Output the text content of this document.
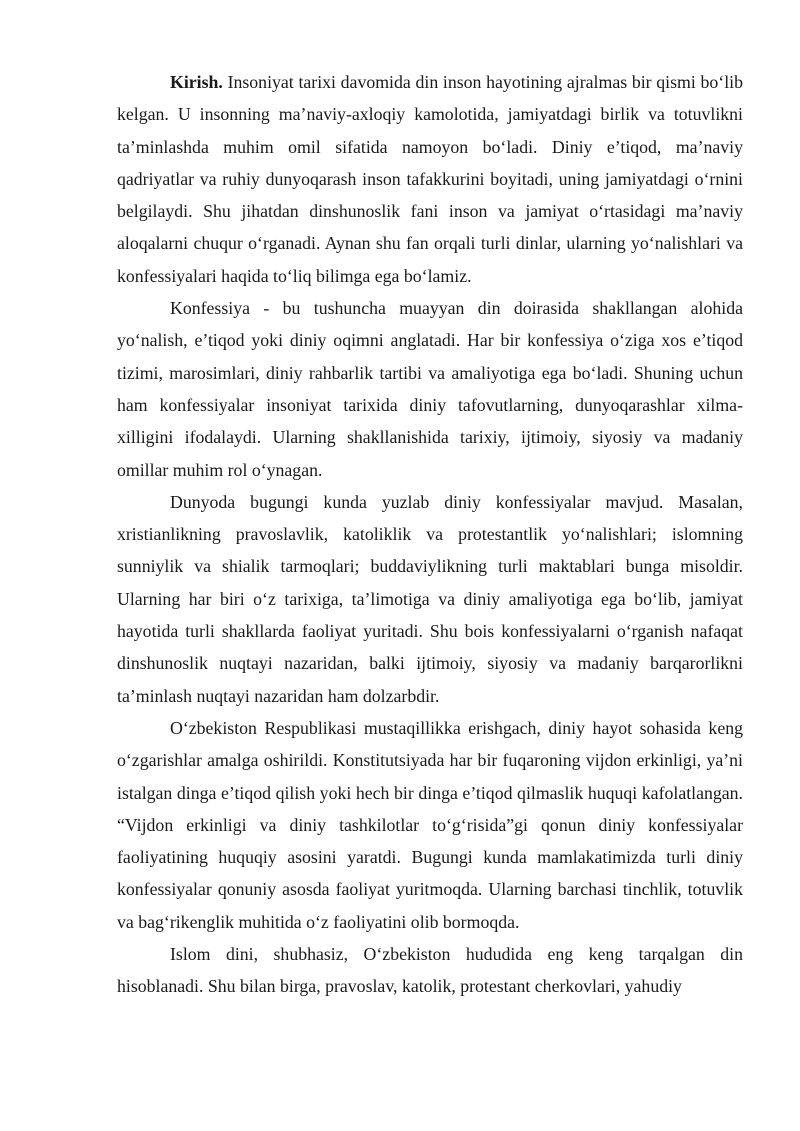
Kirish. Insoniyat tarixi davomida din inson hayotining ajralmas bir qismi bo‘lib kelgan. U insonning ma’naviy-axloqiy kamolotida, jamiyatdagi birlik va totuvlikni ta’minlashda muhim omil sifatida namoyon bo‘ladi. Diniy e’tiqod, ma’naviy qadriyatlar va ruhiy dunyoqarash inson tafakkurini boyitadi, uning jamiyatdagi o‘rnini belgilaydi. Shu jihatdan dinshunoslik fani inson va jamiyat o‘rtasidagi ma’naviy aloqalarni chuqur o‘rganadi. Aynan shu fan orqali turli dinlar, ularning yo‘nalishlari va konfessiyalari haqida to‘liq bilimga ega bo‘lamiz.

Konfessiya - bu tushuncha muayyan din doirasida shakllangan alohida yo‘nalish, e’tiqod yoki diniy oqimni anglatadi. Har bir konfessiya o‘ziga xos e’tiqod tizimi, marosimlari, diniy rahbarlik tartibi va amaliyotiga ega bo‘ladi. Shuning uchun ham konfessiyalar insoniyat tarixida diniy tafovutlarning, dunyoqarashlar xilma-xilligini ifodalaydi. Ularning shakllanishida tarixiy, ijtimoiy, siyosiy va madaniy omillar muhim rol o‘ynagan.

Dunyoda bugungi kunda yuzlab diniy konfessiyalar mavjud. Masalan, xristianlikning pravoslavlik, katoliklik va protestantlik yo‘nalishlari; islomning sunniylik va shialik tarmoqlari; buddaviylikning turli maktablari bunga misoldir. Ularning har biri o‘z tarixiga, ta’limotiga va diniy amaliyotiga ega bo‘lib, jamiyat hayotida turli shakllarda faoliyat yuritadi. Shu bois konfessiyalarni o‘rganish nafaqat dinshunoslik nuqtayi nazaridan, balki ijtimoiy, siyosiy va madaniy barqarorlikni ta’minlash nuqtayi nazaridan ham dolzarbdir.

O‘zbekiston Respublikasi mustaqillikka erishgach, diniy hayot sohasida keng o‘zgarishlar amalga oshirildi. Konstitutsiyada har bir fuqaroning vijdon erkinligi, ya’ni istalgan dinga e’tiqod qilish yoki hech bir dinga e’tiqod qilmaslik huquqi kafolatlangan. “Vijdon erkinligi va diniy tashkilotlar to‘g‘risida”gi qonun diniy konfessiyalar faoliyatining huquqiy asosini yaratdi. Bugungi kunda mamlakatimizda turli diniy konfessiyalar qonuniy asosda faoliyat yuritmoqda. Ularning barchasi tinchlik, totuvlik va bag‘rikenglik muhitida o‘z faoliyatini olib bormoqda.

Islom dini, shubhasiz, O‘zbekiston hududida eng keng tarqalgan din hisoblanadi. Shu bilan birga, pravoslav, katolik, protestant cherkovlari, yahudiy
